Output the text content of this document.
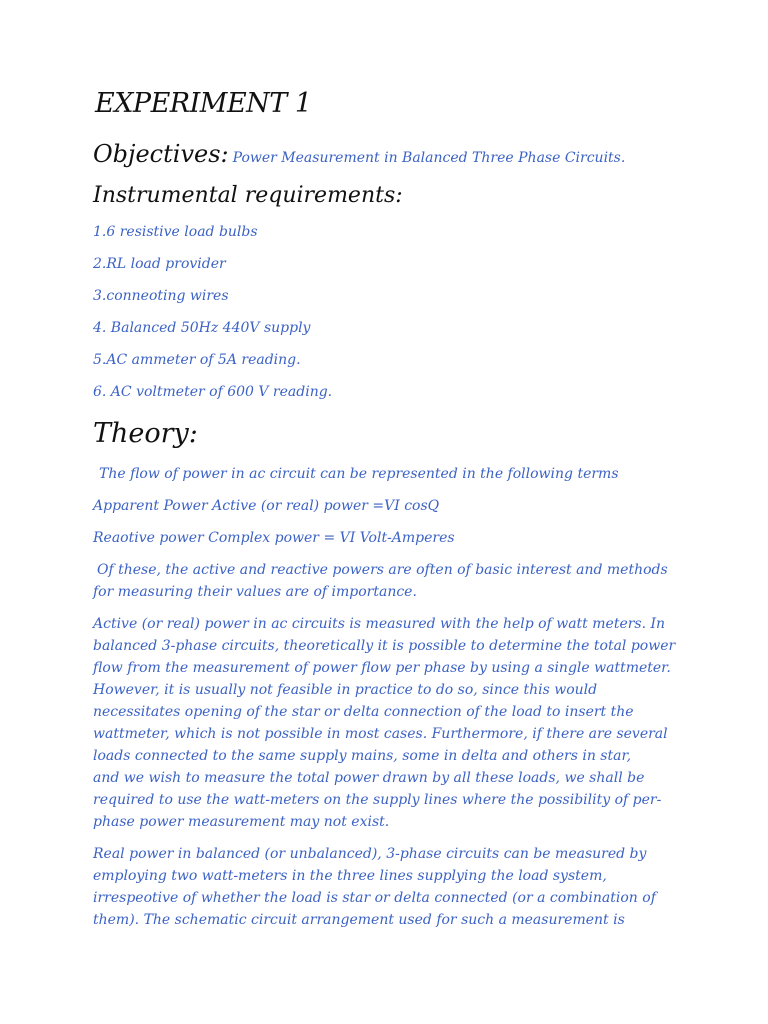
EXPERIMENT 1
Objectives: Power Measurement in Balanced Three Phase Circuits.
Instrumental requirements:
1.6 resistive load bulbs
2.RL load provider
3.conneoting wires
4. Balanced 50Hz 440V supply
5.AC ammeter of 5A reading.
6. AC voltmeter of 600 V reading.
Theory:

The flow of power in ac circuit can be represented in the following terms

Apparent Power Active (or real) power =VI cosQ

Reaotive power Complex power = VI Volt-Amperes

Of these, the active and reactive powers are often of basic interest and methods
for measuring their values are of importance.

Active (or real) power in ac circuits is measured with the help of watt meters. In
balanced 3-phase circuits, theoretically it is possible to determine the total power
flow from the measurement of power flow per phase by using a single wattmeter.
However, it is usually not feasible in practice to do so, since this would
necessitates opening of the star or delta connection of the load to insert the
wattmeter, which is not possible in most cases. Furthermore, if there are several
loads connected to the same supply mains, some in delta and others in star,
and we wish to measure the total power drawn by all these loads, we shall be
required to use the watt-meters on the supply lines where the possibility of per-
phase power measurement may not exist.

Real power in balanced (or unbalanced), 3-phase circuits can be measured by
employing two watt-meters in the three lines supplying the load system,
irrespeotive of whether the load is star or delta connected (or a combination of
them). The schematic circuit arrangement used for such a measurement is
